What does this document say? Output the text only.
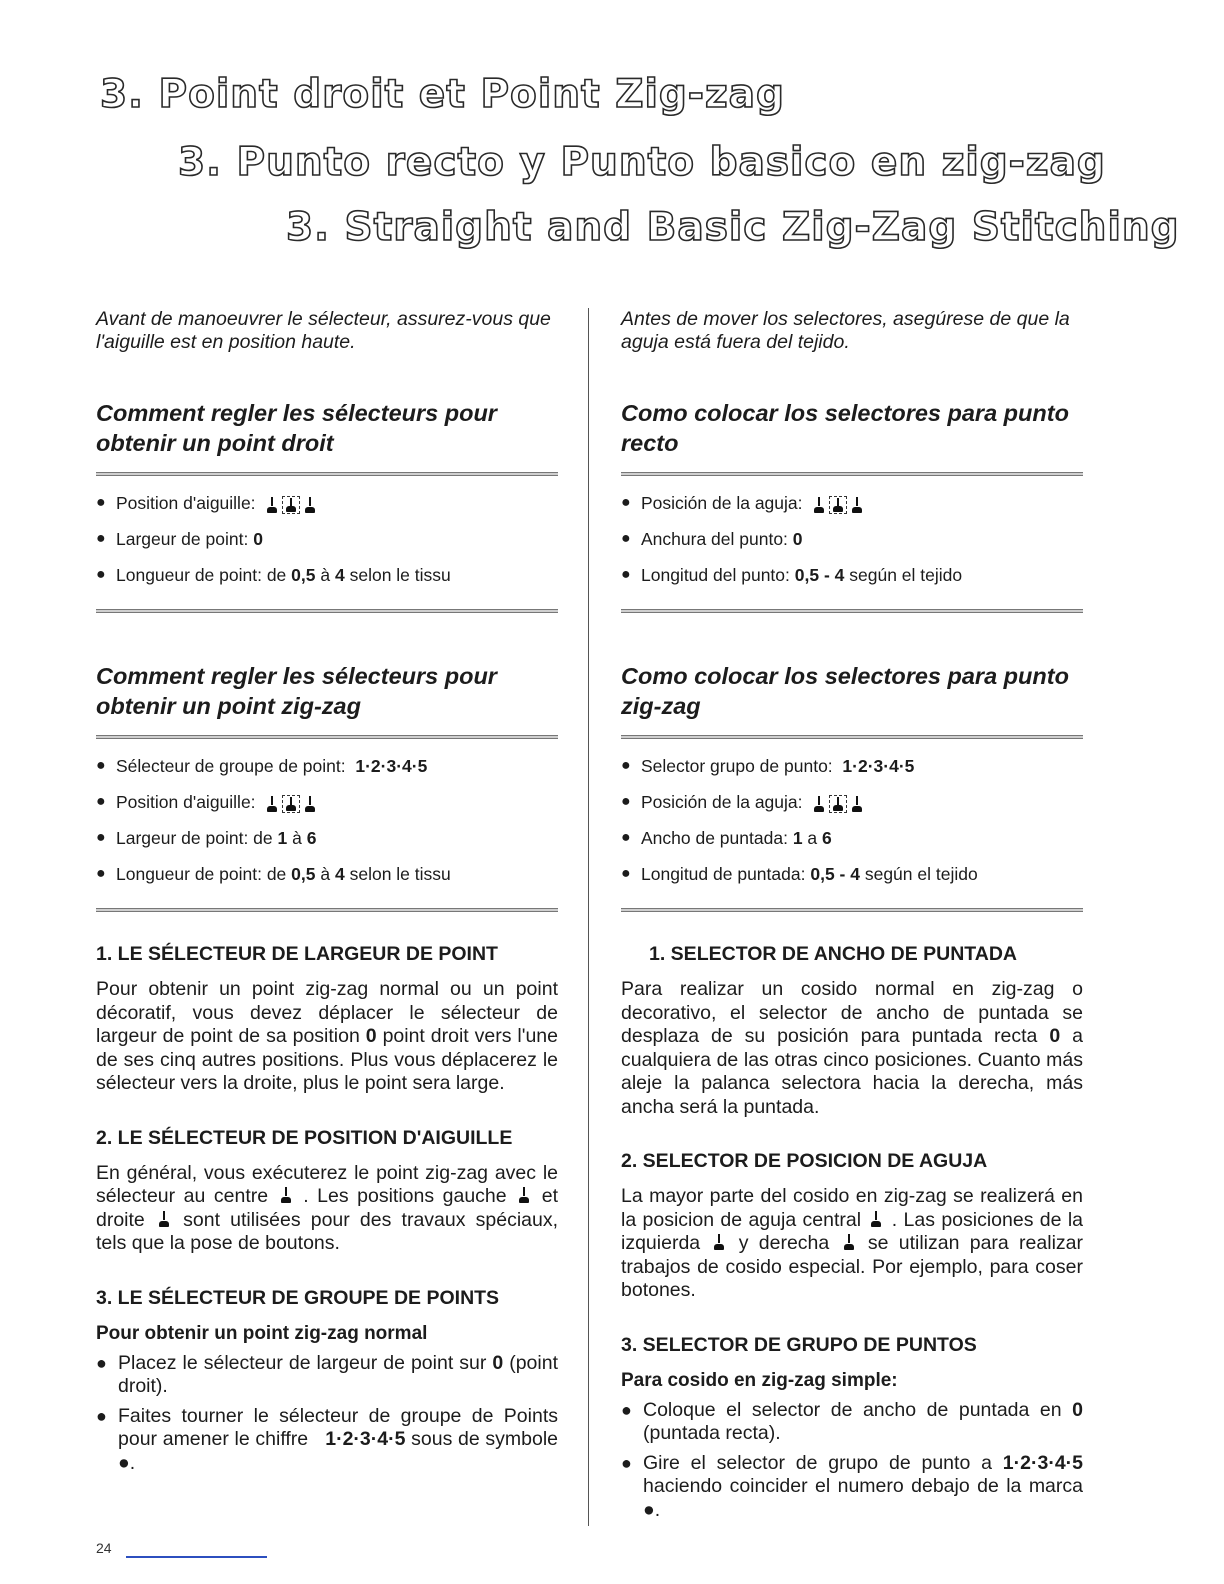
3. Point droit et Point Zig-zag
3. Punto recto y Punto basico en zig-zag
3. Straight and Basic Zig-Zag Stitching

Avant de manoeuvrer le sélecteur, assurez-vous que l'aiguille est en position haute.

Comment regler les sélecteurs pour obtenir un point droit
● Position d'aiguille:
● Largeur de point:
0
● Longueur de point: de
0,5
à
4
selon le tissu
Comment regler les sélecteurs pour obtenir un point zig-zag
● Sélecteur de groupe de point:
1·2·3·4·5
● Position d'aiguille:
● Largeur de point: de
1
à
6
● Longueur de point: de
0,5
à
4
selon le tissu
1. LE SÉLECTEUR DE LARGEUR DE POINT

Pour obtenir un point zig-zag normal ou un point décoratif, vous devez déplacer le sélecteur de largeur de point de sa position 0 point droit vers l'une de ses cinq autres positions. Plus vous déplacerez le sélecteur vers la droite, plus le point sera large.

2. LE SÉLECTEUR DE POSITION D'AIGUILLE

En général, vous exécuterez le point zig-zag avec le sélecteur au centre . Les positions gauche et droite sont utilisées pour des travaux spéciaux, tels que la pose de boutons.

3. LE SÉLECTEUR DE GROUPE DE POINTS

Pour obtenir un point zig-zag normal

● Placez le sélecteur de largeur de point sur 0 (point droit).
● Faites tourner le sélecteur de groupe de Points pour amener le chiffre 1·2·3·4·5 sous de symbole ●.

Antes de mover los selectores, asegúrese de que la aguja está fuera del tejido.

Como colocar los selectores para punto recto
● Posición de la aguja:
● Anchura del punto:
0
● Longitud del punto:
0,5 - 4
según el tejido
Como colocar los selectores para punto zig-zag
● Selector grupo de punto:
1·2·3·4·5
● Posición de la aguja:
● Ancho de puntada:
1
a
6
● Longitud de puntada:
0,5 - 4
según el tejido
1. SELECTOR DE ANCHO DE PUNTADA

Para realizar un cosido normal en zig-zag o decorativo, el selector de ancho de puntada se desplaza de su posición para puntada recta 0 a cualquiera de las otras cinco posiciones. Cuanto más aleje la palanca selectora hacia la derecha, más ancha será la puntada.

2. SELECTOR DE POSICION DE AGUJA

La mayor parte del cosido en zig-zag se realizerá en la posicion de aguja central . Las posiciones de la izquierda y derecha se utilizan para realizar trabajos de cosido especial. Por ejemplo, para coser botones.

3. SELECTOR DE GRUPO DE PUNTOS

Para cosido en zig-zag simple:

● Coloque el selector de ancho de puntada en 0 (puntada recta).
● Gire el selector de grupo de punto a 1·2·3·4·5 haciendo coincider el numero debajo de la marca ●.
24
